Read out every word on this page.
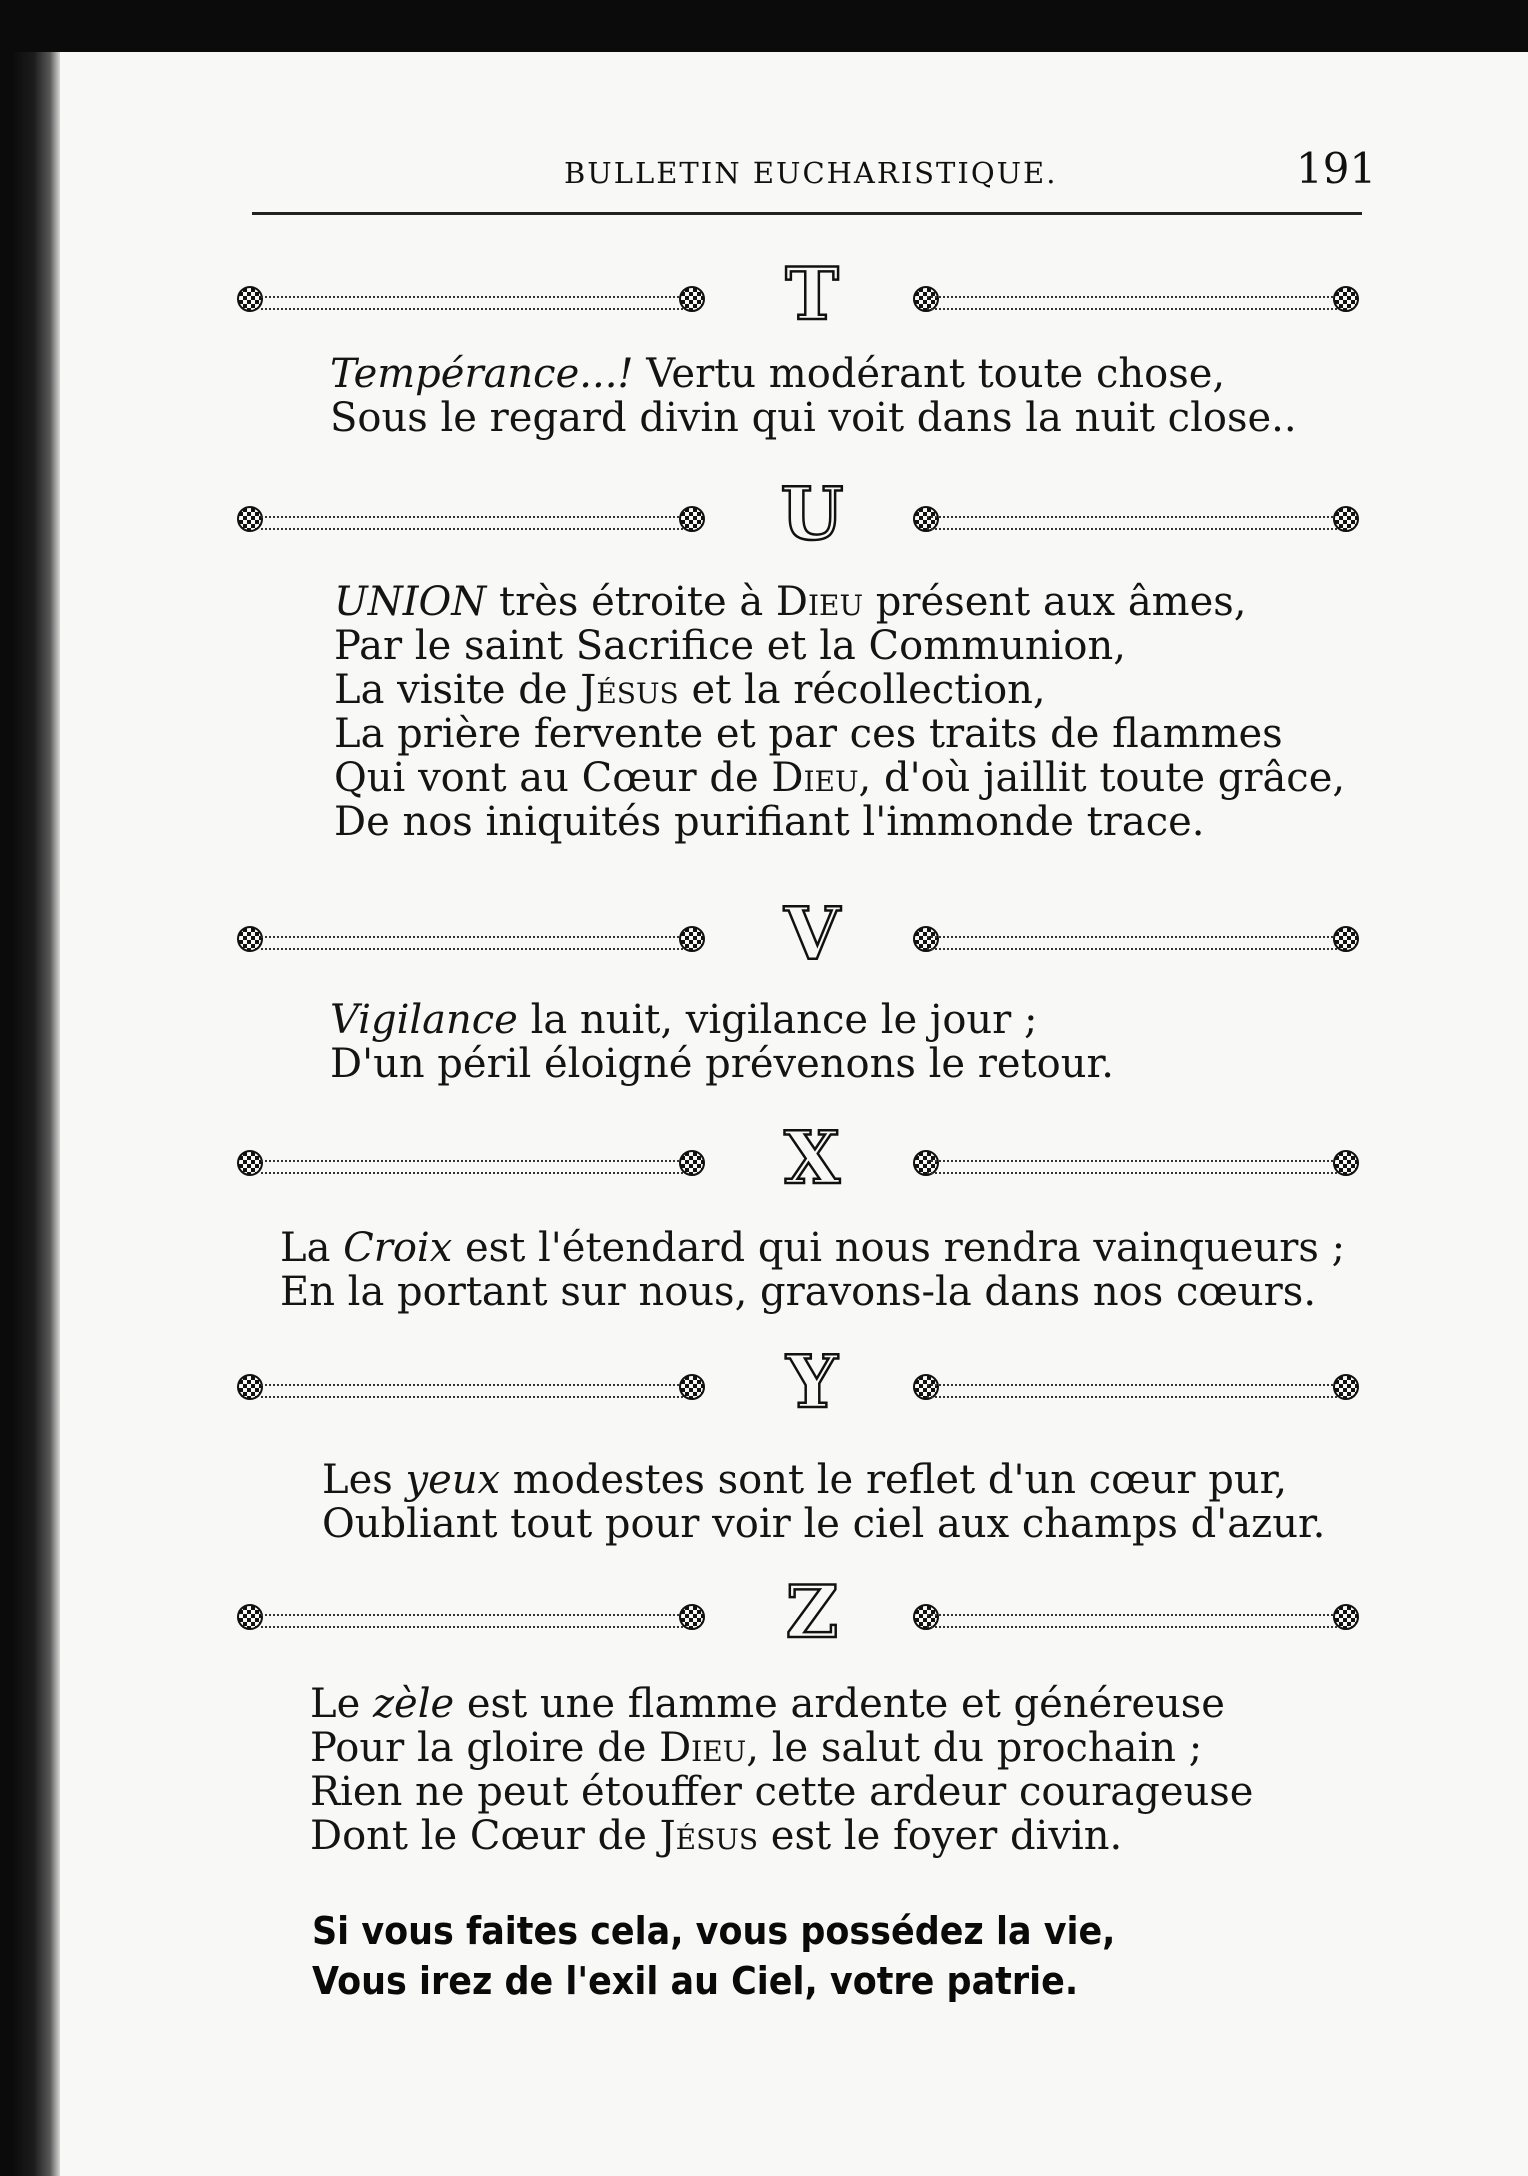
BULLETIN EUCHARISTIQUE.	191
T
Tempérance...! Vertu modérant toute chose,
Sous le regard divin qui voit dans la nuit close..
U
UNION très étroite à Dieu présent aux âmes,
Par le saint Sacrifice et la Communion,
La visite de Jésus et la récollection,
La prière fervente et par ces traits de flammes
Qui vont au Cœur de Dieu, d'où jaillit toute grâce,
De nos iniquités purifiant l'immonde trace.
V
Vigilance la nuit, vigilance le jour ;
D'un péril éloigné prévenons le retour.
X
La Croix est l'étendard qui nous rendra vainqueurs ;
En la portant sur nous, gravons-la dans nos cœurs.
Y
Les yeux modestes sont le reflet d'un cœur pur,
Oubliant tout pour voir le ciel aux champs d'azur.
Z
Le zèle est une flamme ardente et généreuse
Pour la gloire de Dieu, le salut du prochain ;
Rien ne peut étouffer cette ardeur courageuse
Dont le Cœur de Jésus est le foyer divin.
Si vous faites cela, vous possédez la vie,
Vous irez de l'exil au Ciel, votre patrie.
